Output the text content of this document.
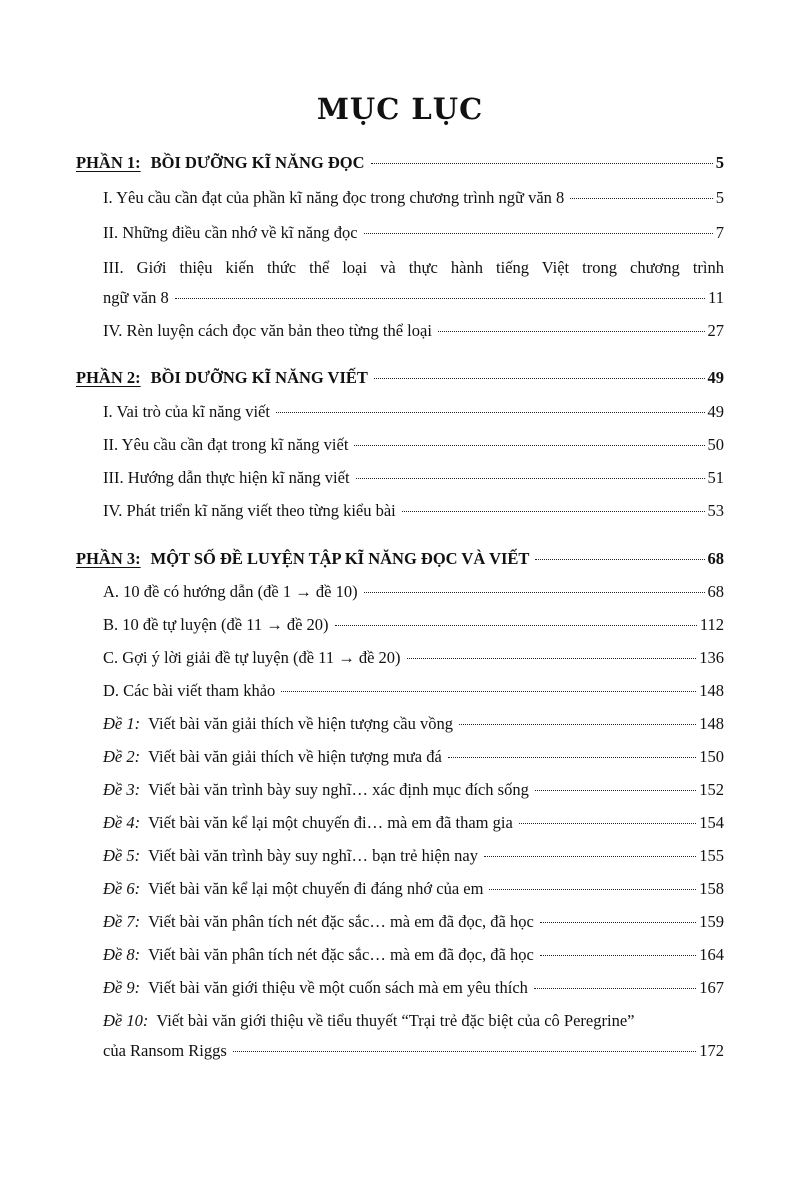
MỤC LỤC
PHẦN 1: BỒI DƯỠNG KĨ NĂNG ĐỌC	5
I. Yêu cầu cần đạt của phần kĩ năng đọc trong chương trình ngữ văn 8	5
II. Những điều cần nhớ về kĩ năng đọc	7
III. Giới thiệu kiến thức thể loại và thực hành tiếng Việt trong chương trình
ngữ văn 8	11
IV. Rèn luyện cách đọc văn bản theo từng thể loại	27
PHẦN 2: BỒI DƯỠNG KĨ NĂNG VIẾT	49
I. Vai trò của kĩ năng viết	49
II. Yêu cầu cần đạt trong kĩ năng viết	50
III. Hướng dẫn thực hiện kĩ năng viết	51
IV. Phát triển kĩ năng viết theo từng kiểu bài	53
PHẦN 3: MỘT SỐ ĐỀ LUYỆN TẬP KĨ NĂNG ĐỌC VÀ VIẾT	68
A. 10 đề có hướng dẫn (đề 1 → đề 10)	68
B. 10 đề tự luyện (đề 11 → đề 20)	112
C. Gợi ý lời giải đề tự luyện (đề 11 → đề 20)	136
D. Các bài viết tham khảo	148
Đề 1: Viết bài văn giải thích về hiện tượng cầu vồng	148
Đề 2: Viết bài văn giải thích về hiện tượng mưa đá	150
Đề 3: Viết bài văn trình bày suy nghĩ… xác định mục đích sống	152
Đề 4: Viết bài văn kể lại một chuyến đi… mà em đã tham gia	154
Đề 5: Viết bài văn trình bày suy nghĩ… bạn trẻ hiện nay	155
Đề 6: Viết bài văn kể lại một chuyến đi đáng nhớ của em	158
Đề 7: Viết bài văn phân tích nét đặc sắc… mà em đã đọc, đã học	159
Đề 8: Viết bài văn phân tích nét đặc sắc… mà em đã đọc, đã học	164
Đề 9: Viết bài văn giới thiệu về một cuốn sách mà em yêu thích	167
Đề 10: Viết bài văn giới thiệu về tiểu thuyết “Trại trẻ đặc biệt của cô Peregrine”
của Ransom Riggs	172
